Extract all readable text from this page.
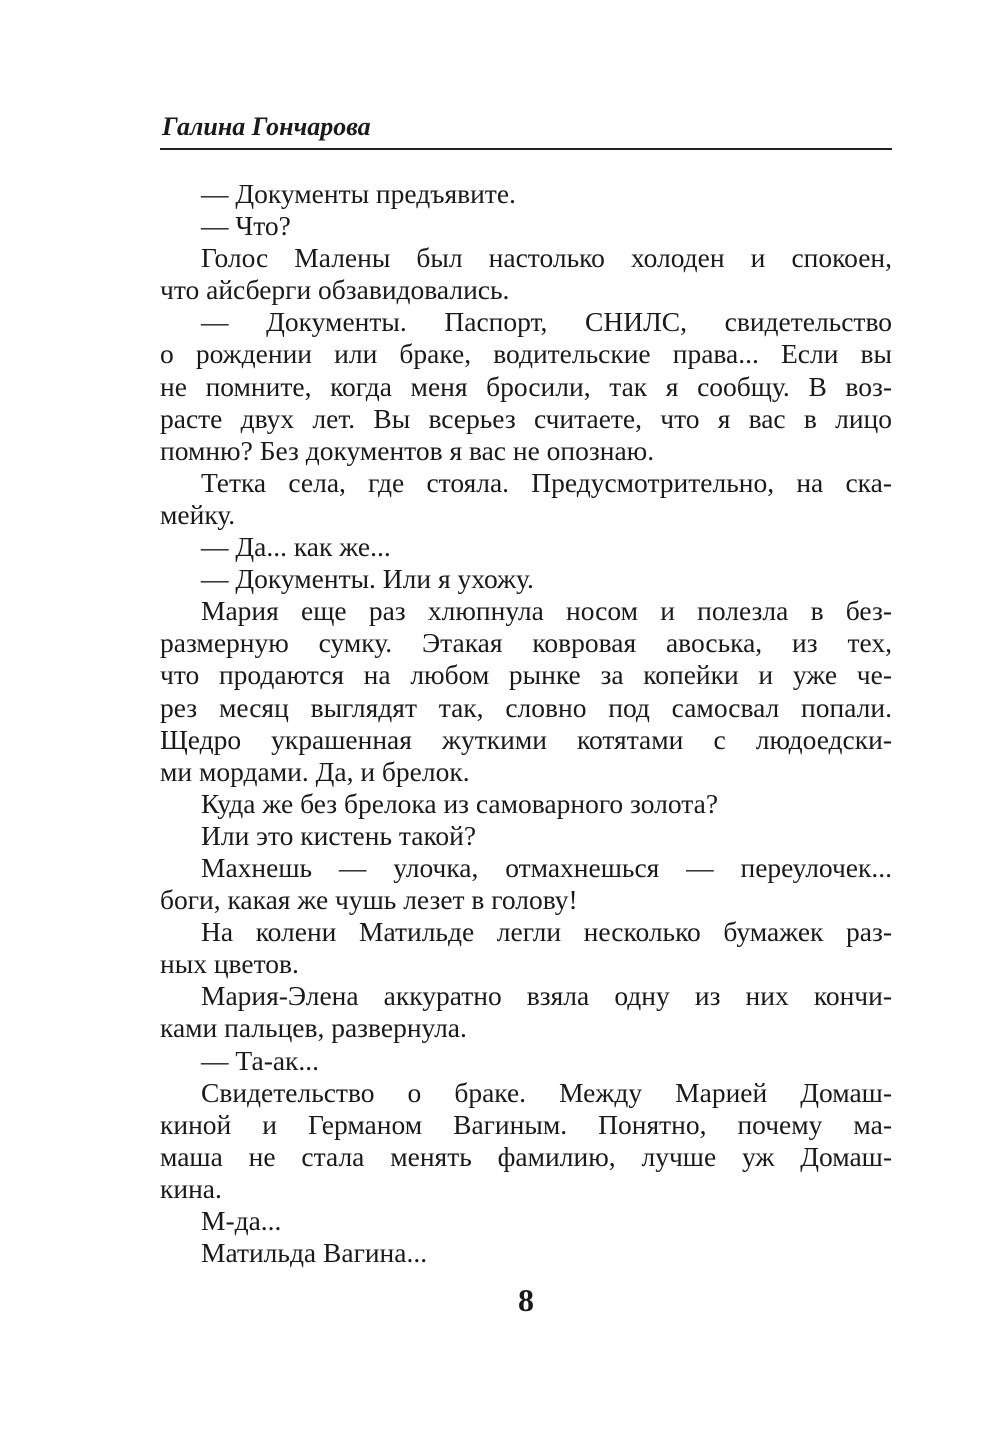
Галина Гончарова

— Документы предъявите.

— Что?

Голос Малены был настолько холоден и спокоен,
что айсберги обзавидовались.

— Документы. Паспорт, СНИЛС, свидетельство
о рождении или браке, водительские права... Если вы
не помните, когда меня бросили, так я сообщу. В воз-
расте двух лет. Вы всерьез считаете, что я вас в лицо
помню? Без документов я вас не опознаю.

Тетка села, где стояла. Предусмотрительно, на ска-
мейку.

— Да... как же...

— Документы. Или я ухожу.

Мария еще раз хлюпнула носом и полезла в без-
размерную сумку. Этакая ковровая авоська, из тех,
что продаются на любом рынке за копейки и уже че-
рез месяц выглядят так, словно под самосвал попали.
Щедро украшенная жуткими котятами с людоедски-
ми мордами. Да, и брелок.

Куда же без брелока из самоварного золота?

Или это кистень такой?

Махнешь — улочка, отмахнешься — переулочек...
боги, какая же чушь лезет в голову!

На колени Матильде легли несколько бумажек раз-
ных цветов.

Мария-Элена аккуратно взяла одну из них кончи-
ками пальцев, развернула.

— Та-ак...

Свидетельство о браке. Между Марией Домаш-
киной и Германом Вагиным. Понятно, почему ма-
маша не стала менять фамилию, лучше уж Домаш-
кина.

М-да...

Матильда Вагина...

8
